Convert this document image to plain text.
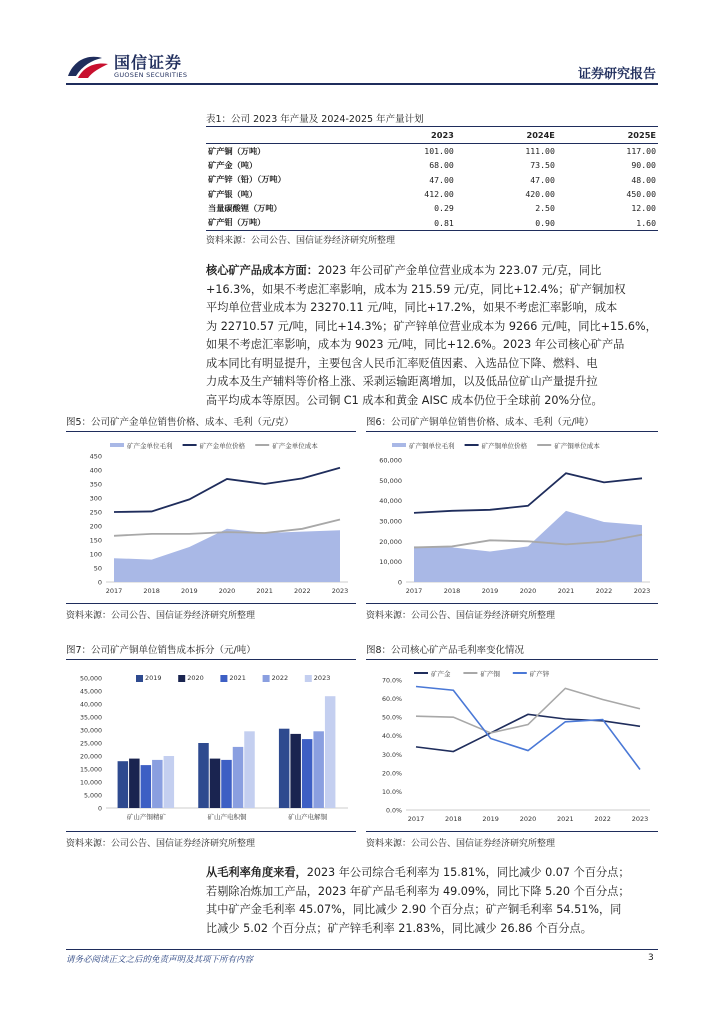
国信证券
GUOSEN SECURITIES	证券研究报告
表1：公司 2023 年产量及 2024-2025 年产量计划
	2023	2024E	2025E
矿产铜（万吨）	101.00	111.00	117.00
矿产金（吨）	68.00	73.50	90.00
矿产锌（铅）（万吨）	47.00	47.00	48.00
矿产银（吨）	412.00	420.00	450.00
当量碳酸锂（万吨）	0.29	2.50	12.00
矿产钼（万吨）	0.81	0.90	1.60
资料来源：公司公告、国信证券经济研究所整理
核心矿产品成本方面：2023 年公司矿产金单位营业成本为 223.07 元/克，同比
+16.3%，如果不考虑汇率影响，成本为 215.59 元/克，同比+12.4%；矿产铜加权
平均单位营业成本为 23270.11 元/吨，同比+17.2%，如果不考虑汇率影响，成本
为 22710.57 元/吨，同比+14.3%；矿产锌单位营业成本为 9266 元/吨，同比+15.6%，
如果不考虑汇率影响，成本为 9023 元/吨，同比+12.6%。2023 年公司核心矿产品
成本同比有明显提升，主要包含人民币汇率贬值因素、入选品位下降、燃料、电
力成本及生产辅料等价格上涨、采剥运输距离增加，以及低品位矿山产量提升拉
高平均成本等原因。公司铜 C1 成本和黄金 AISC 成本仍位于全球前 20%分位。
图5：公司矿产金单位销售价格、成本、毛利（元/克）
0
50
100
150
200
250
300
350
400
450
2017	2018	2019	2020	2021	2022	2023
矿产金单位毛利	矿产金单位价格	矿产金单位成本
资料来源：公司公告、国信证券经济研究所整理
图6：公司矿产铜单位销售价格、成本、毛利（元/吨）
0
10,000
20,000
30,000
40,000
50,000
60,000
2017	2018	2019	2020	2021	2022	2023
矿产铜单位毛利	矿产铜单位价格	矿产铜单位成本
资料来源：公司公告、国信证券经济研究所整理
图7：公司矿产铜单位销售成本拆分（元/吨）
0
5,000
10,000
15,000
20,000
25,000
30,000
35,000
40,000
45,000
50,000
矿山产铜精矿	矿山产电积铜	矿山产电解铜
2019	2020	2021	2022	2023
资料来源：公司公告、国信证券经济研究所整理
图8：公司核心矿产品毛利率变化情况
0.0%
10.0%
20.0%
30.0%
40.0%
50.0%
60.0%
70.0%
2017	2018	2019	2020	2021	2022	2023
矿产金	矿产铜	矿产锌
资料来源：公司公告、国信证券经济研究所整理
从毛利率角度来看，2023 年公司综合毛利率为 15.81%，同比减少 0.07 个百分点；
若剔除冶炼加工产品，2023 年矿产品毛利率为 49.09%，同比下降 5.20 个百分点；
其中矿产金毛利率 45.07%，同比减少 2.90 个百分点；矿产铜毛利率 54.51%，同
比减少 5.02 个百分点；矿产锌毛利率 21.83%，同比减少 26.86 个百分点。
请务必阅读正文之后的免责声明及其项下所有内容	3
